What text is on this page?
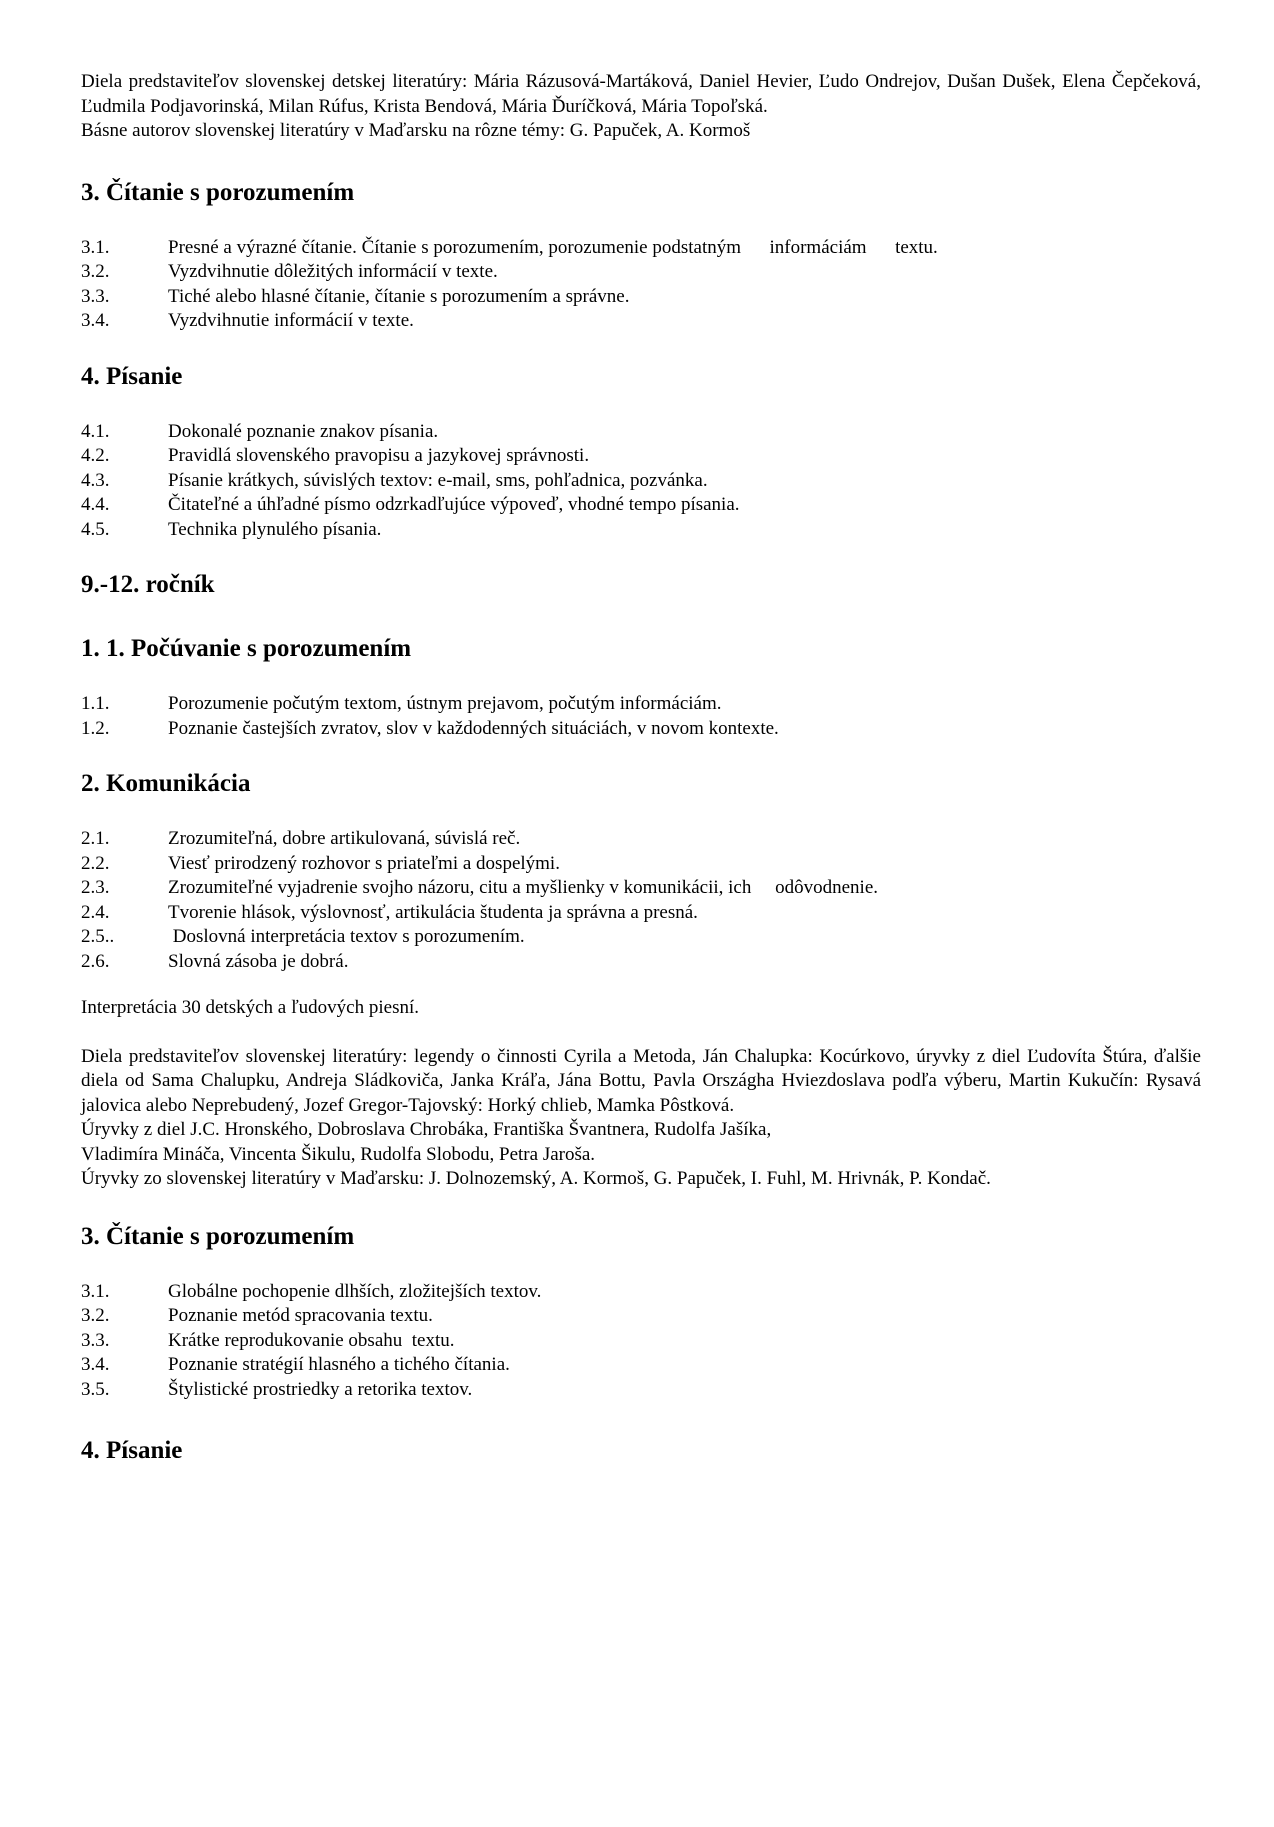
Diela predstaviteľov slovenskej detskej literatúry: Mária Rázusová-Martáková, Daniel Hevier, Ľudo Ondrejov, Dušan Dušek, Elena Čepčeková, Ľudmila Podjavorinská, Milan Rúfus, Krista Bendová, Mária Ďuríčková, Mária Topoľská.

Básne autorov slovenskej literatúry v Maďarsku na rôzne témy: G. Papuček, A. Kormoš

3. Čítanie s porozumením
3.1.	Presné a výrazné čítanie. Čítanie s porozumením, porozumenie podstatným      informáciám      textu.
3.2.	Vyzdvihnutie dôležitých informácií v texte.
3.3.	Tiché alebo hlasné čítanie, čítanie s porozumením a správne.
3.4.	Vyzdvihnutie informácií v texte.
4. Písanie
4.1.	Dokonalé poznanie znakov písania.
4.2.	Pravidlá slovenského pravopisu a jazykovej správnosti.
4.3.	Písanie krátkych, súvislých textov: e-mail, sms, pohľadnica, pozvánka.
4.4.	Čitateľné a úhľadné písmo odzrkadľujúce výpoveď, vhodné tempo písania.
4.5.	Technika plynulého písania.
9.-12. ročník
1. 1. Počúvanie s porozumením
1.1.	Porozumenie počutým textom, ústnym prejavom, počutým informáciám.
1.2.	Poznanie častejších zvratov, slov v každodenných situáciách, v novom kontexte.
2. Komunikácia
2.1.	Zrozumiteľná, dobre artikulovaná, súvislá reč.
2.2.	Viesť prirodzený rozhovor s priateľmi a dospelými.
2.3.	Zrozumiteľné vyjadrenie svojho názoru, citu a myšlienky v komunikácii, ich     odôvodnenie.
2.4.	Tvorenie hlások, výslovnosť, artikulácia študenta ja správna a presná.
2.5..	Doslovná interpretácia textov s porozumením.
2.6.	Slovná zásoba je dobrá.

Interpretácia 30 detských a ľudových piesní.

Diela predstaviteľov slovenskej literatúry: legendy o činnosti Cyrila a Metoda, Ján Chalupka: Kocúrkovo, úryvky z diel Ľudovíta Štúra, ďalšie diela od Sama Chalupku, Andreja Sládkoviča, Janka Kráľa, Jána Bottu, Pavla Országha Hviezdoslava podľa výberu, Martin Kukučín: Rysavá jalovica alebo Neprebudený, Jozef Gregor-Tajovský: Horký chlieb, Mamka Pôstková.

Úryvky z diel J.C. Hronského, Dobroslava Chrobáka, Františka Švantnera, Rudolfa Jašíka,

Vladimíra Mináča, Vincenta Šikulu, Rudolfa Slobodu, Petra Jaroša.

Úryvky zo slovenskej literatúry v Maďarsku: J. Dolnozemský, A. Kormoš, G. Papuček, I. Fuhl, M. Hrivnák, P. Kondač.

3. Čítanie s porozumením
3.1.	Globálne pochopenie dlhších, zložitejších textov.
3.2.	Poznanie metód spracovania textu.
3.3.	Krátke reprodukovanie obsahu  textu.
3.4.	Poznanie stratégií hlasného a tichého čítania.
3.5.	Štylistické prostriedky a retorika textov.
4. Písanie
